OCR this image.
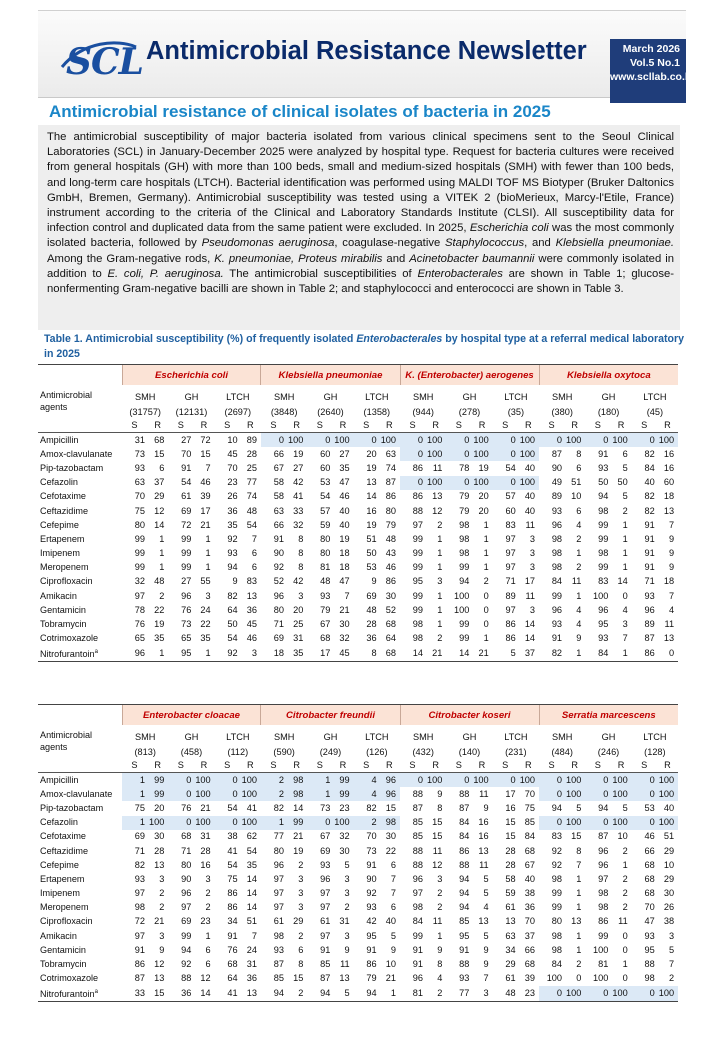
SCL Antimicrobial Resistance Newsletter	March 2026
Vol.5 No.1
www.scllab.co.kr
Antimicrobial resistance of clinical isolates of bacteria in 2025
The antimicrobial susceptibility of major bacteria isolated from various clinical specimens sent to the Seoul Clinical Laboratories (SCL) in January-December 2025 were analyzed by hospital type. Request for bacteria cultures were received from general hospitals (GH) with more than 100 beds, small and medium-sized hospitals (SMH) with fewer than 100 beds, and long-term care hospitals (LTCH). Bacterial identification was performed using MALDI TOF MS Biotyper (Bruker Daltonics GmbH, Bremen, Germany). Antimicrobial susceptibility was tested using a VITEK 2 (bioMerieux, Marcy-l'Etile, France) instrument according to the criteria of the Clinical and Laboratory Standards Institute (CLSI). All susceptibility data for infection control and duplicated data from the same patient were excluded. In 2025, Escherichia coli was the most commonly isolated bacteria, followed by Pseudomonas aeruginosa, coagulase-negative Staphylococcus, and Klebsiella pneumoniae. Among the Gram-negative rods, K. pneumoniae, Proteus mirabilis and Acinetobacter baumannii were commonly isolated in addition to E. coli, P. aeruginosa. The antimicrobial susceptibilities of Enterobacterales are shown in Table 1; glucose-nonfermenting Gram-negative bacilli are shown in Table 2; and staphylococci and enterococci are shown in Table 3.
Table 1. Antimicrobial susceptibility (%) of frequently isolated Enterobacterales by hospital type at a referral medical laboratory in 2025
Antimicrobial
agents	Escherichia coli						Klebsiella pneumoniae						K. (Enterobacter) aerogenes						Klebsiella oxytoca					
	SMH		GH		LTCH		SMH		GH		LTCH		SMH		GH		LTCH		SMH		GH		LTCH	
	(31757)		(12131)		(2697)		(3848)		(2640)		(1358)		(944)		(278)		(35)		(380)		(180)		(45)	
	S	R	S	R	S	R	S	R	S	R	S	R	S	R	S	R	S	R	S	R	S	R	S	R
Ampicillin	31	68	27	72	10	89	0	100	0	100	0	100	0	100	0	100	0	100	0	100	0	100	0	100
Amox-clavulanate	73	15	70	15	45	28	66	19	60	27	20	63	0	100	0	100	0	100	87	8	91	6	82	16
Pip-tazobactam	93	6	91	7	70	25	67	27	60	35	19	74	86	11	78	19	54	40	90	6	93	5	84	16
Cefazolin	63	37	54	46	23	77	58	42	53	47	13	87	0	100	0	100	0	100	49	51	50	50	40	60
Cefotaxime	70	29	61	39	26	74	58	41	54	46	14	86	86	13	79	20	57	40	89	10	94	5	82	18
Ceftazidime	75	12	69	17	36	48	63	33	57	40	16	80	88	12	79	20	60	40	93	6	98	2	82	13
Cefepime	80	14	72	21	35	54	66	32	59	40	19	79	97	2	98	1	83	11	96	4	99	1	91	7
Ertapenem	99	1	99	1	92	7	91	8	80	19	51	48	99	1	98	1	97	3	98	2	99	1	91	9
Imipenem	99	1	99	1	93	6	90	8	80	18	50	43	99	1	98	1	97	3	98	1	98	1	91	9
Meropenem	99	1	99	1	94	6	92	8	81	18	53	46	99	1	99	1	97	3	98	2	99	1	91	9
Ciprofloxacin	32	48	27	55	9	83	52	42	48	47	9	86	95	3	94	2	71	17	84	11	83	14	71	18
Amikacin	97	2	96	3	82	13	96	3	93	7	69	30	99	1	100	0	89	11	99	1	100	0	93	7
Gentamicin	78	22	76	24	64	36	80	20	79	21	48	52	99	1	100	0	97	3	96	4	96	4	96	4
Tobramycin	76	19	73	22	50	45	71	25	67	30	28	68	98	1	99	0	86	14	93	4	95	3	89	11
Cotrimoxazole	65	35	65	35	54	46	69	31	68	32	36	64	98	2	99	1	86	14	91	9	93	7	87	13
Nitrofurantoin$^a$	96	1	95	1	92	3	18	35	17	45	8	68	14	21	14	21	5	37	82	1	84	1	86	0
Antimicrobial
agents	Enterobacter cloacae						Citrobacter freundii						Citrobacter koseri						Serratia marcescens					
	SMH		GH		LTCH		SMH		GH		LTCH		SMH		GH		LTCH		SMH		GH		LTCH	
	(813)		(458)		(112)		(590)		(249)		(126)		(432)		(140)		(231)		(484)		(246)		(128)	
	S	R	S	R	S	R	S	R	S	R	S	R	S	R	S	R	S	R	S	R	S	R	S	R
Ampicillin	1	99	0	100	0	100	2	98	1	99	4	96	0	100	0	100	0	100	0	100	0	100	0	100
Amox-clavulanate	1	99	0	100	0	100	2	98	1	99	4	96	88	9	88	11	17	70	0	100	0	100	0	100
Pip-tazobactam	75	20	76	21	54	41	82	14	73	23	82	15	87	8	87	9	16	75	94	5	94	5	53	40
Cefazolin	1	100	0	100	0	100	1	99	0	100	2	98	85	15	84	16	15	85	0	100	0	100	0	100
Cefotaxime	69	30	68	31	38	62	77	21	67	32	70	30	85	15	84	16	15	84	83	15	87	10	46	51
Ceftazidime	71	28	71	28	41	54	80	19	69	30	73	22	88	11	86	13	28	68	92	8	96	2	66	29
Cefepime	82	13	80	16	54	35	96	2	93	5	91	6	88	12	88	11	28	67	92	7	96	1	68	10
Ertapenem	93	3	90	3	75	14	97	3	96	3	90	7	96	3	94	5	58	40	98	1	97	2	68	29
Imipenem	97	2	96	2	86	14	97	3	97	3	92	7	97	2	94	5	59	38	99	1	98	2	68	30
Meropenem	98	2	97	2	86	14	97	3	97	2	93	6	98	2	94	4	61	36	99	1	98	2	70	26
Ciprofloxacin	72	21	69	23	34	51	61	29	61	31	42	40	84	11	85	13	13	70	80	13	86	11	47	38
Amikacin	97	3	99	1	91	7	98	2	97	3	95	5	99	1	95	5	63	37	98	1	99	0	93	3
Gentamicin	91	9	94	6	76	24	93	6	91	9	91	9	91	9	91	9	34	66	98	1	100	0	95	5
Tobramycin	86	12	92	6	68	31	87	8	85	11	86	10	91	8	88	9	29	68	84	2	81	1	88	7
Cotrimoxazole	87	13	88	12	64	36	85	15	87	13	79	21	96	4	93	7	61	39	100	0	100	0	98	2
Nitrofurantoin$^a$	33	15	36	14	41	13	94	2	94	5	94	1	81	2	77	3	48	23	0	100	0	100	0	100
